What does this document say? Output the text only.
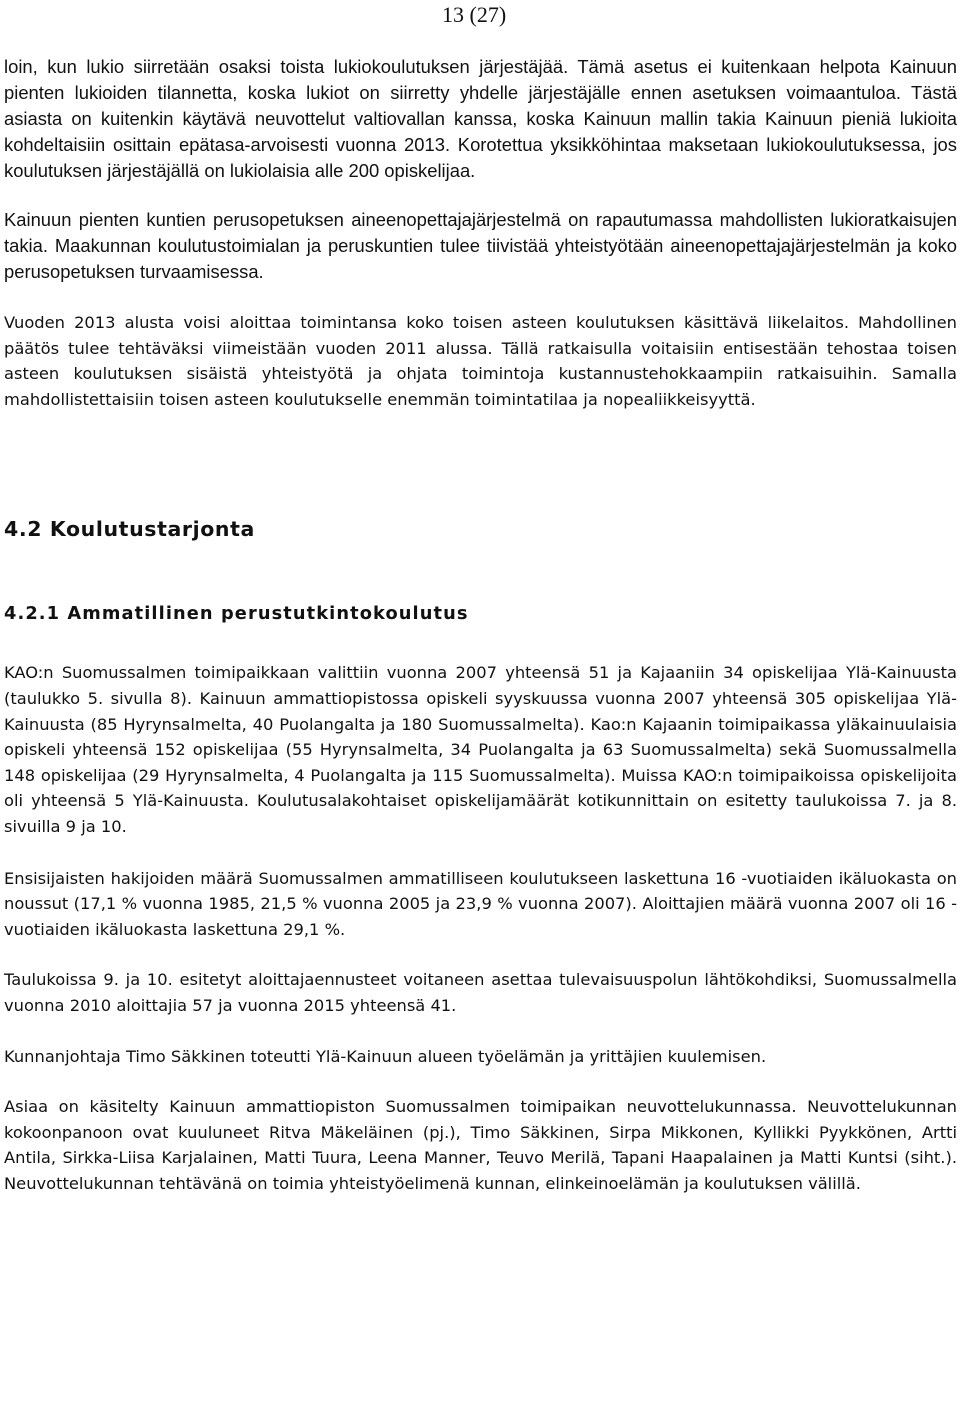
13 (27)

loin, kun lukio siirretään osaksi toista lukiokoulutuksen järjestäjää. Tämä asetus ei kuitenkaan helpota Kainuun pienten lukioiden tilannetta, koska lukiot on siirretty yhdelle järjestäjälle ennen asetuksen voimaantuloa. Tästä asiasta on kuitenkin käytävä neuvottelut valtiovallan kanssa, koska Kainuun mallin takia Kainuun pieniä lukioita kohdeltaisiin osittain epätasa-arvoisesti vuonna 2013. Korotettua yksikköhintaa maksetaan lukiokoulutuksessa, jos koulutuksen järjestäjällä on lukiolaisia alle 200 opiskelijaa.

Kainuun pienten kuntien perusopetuksen aineenopettajajärjestelmä on rapautumassa mahdollisten lukioratkaisujen takia. Maakunnan koulutustoimialan ja peruskuntien tulee tiivistää yhteistyötään aineenopettajajärjestelmän ja koko perusopetuksen turvaamisessa.

Vuoden 2013 alusta voisi aloittaa toimintansa koko toisen asteen koulutuksen käsittävä liikelaitos. Mahdollinen päätös tulee tehtäväksi viimeistään vuoden 2011 alussa. Tällä ratkaisulla voitaisiin entisestään tehostaa toisen asteen koulutuksen sisäistä yhteistyötä ja ohjata toimintoja kustannustehokkaampiin ratkaisuihin. Samalla mahdollistettaisiin toisen asteen koulutukselle enemmän toimintatilaa ja nopealiikkeisyyttä.

4.2 Koulutustarjonta
4.2.1 Ammatillinen perustutkintokoulutus

KAO:n Suomussalmen toimipaikkaan valittiin vuonna 2007 yhteensä 51 ja Kajaaniin 34 opiskelijaa Ylä-Kainuusta (taulukko 5. sivulla 8). Kainuun ammattiopistossa opiskeli syyskuussa vuonna 2007 yhteensä 305 opiskelijaa Ylä-Kainuusta (85 Hyrynsalmelta, 40 Puolangalta ja 180 Suomussalmelta). Kao:n Kajaanin toimipaikassa yläkainuulaisia opiskeli yhteensä 152 opiskelijaa (55 Hyrynsalmelta, 34 Puolangalta ja 63 Suomussalmelta) sekä Suomussalmella 148 opiskelijaa (29 Hyrynsalmelta, 4 Puolangalta ja 115 Suomussalmelta). Muissa KAO:n toimipaikoissa opiskelijoita oli yhteensä 5 Ylä-Kainuusta. Koulutusalakohtaiset opiskelijamäärät kotikunnittain on esitetty taulukoissa 7. ja 8. sivuilla 9 ja 10.

Ensisijaisten hakijoiden määrä Suomussalmen ammatilliseen koulutukseen laskettuna 16 -vuotiaiden ikäluokasta on noussut (17,1 % vuonna 1985, 21,5 % vuonna 2005 ja 23,9 % vuonna 2007). Aloittajien määrä vuonna 2007 oli 16 -vuotiaiden ikäluokasta laskettuna 29,1 %.

Taulukoissa 9. ja 10. esitetyt aloittajaennusteet voitaneen asettaa tulevaisuuspolun lähtökohdiksi, Suomussalmella vuonna 2010 aloittajia 57 ja vuonna 2015 yhteensä 41.

Kunnanjohtaja Timo Säkkinen toteutti Ylä-Kainuun alueen työelämän ja yrittäjien kuulemisen.

Asiaa on käsitelty Kainuun ammattiopiston Suomussalmen toimipaikan neuvottelukunnassa. Neuvottelukunnan kokoonpanoon ovat kuuluneet Ritva Mäkeläinen (pj.), Timo Säkkinen, Sirpa Mikkonen, Kyllikki Pyykkönen, Artti Antila, Sirkka-Liisa Karjalainen, Matti Tuura, Leena Manner, Teuvo Merilä, Tapani Haapalainen ja Matti Kuntsi (siht.). Neuvottelukunnan tehtävänä on toimia yhteistyöelimenä kunnan, elinkeinoelämän ja koulutuksen välillä.
